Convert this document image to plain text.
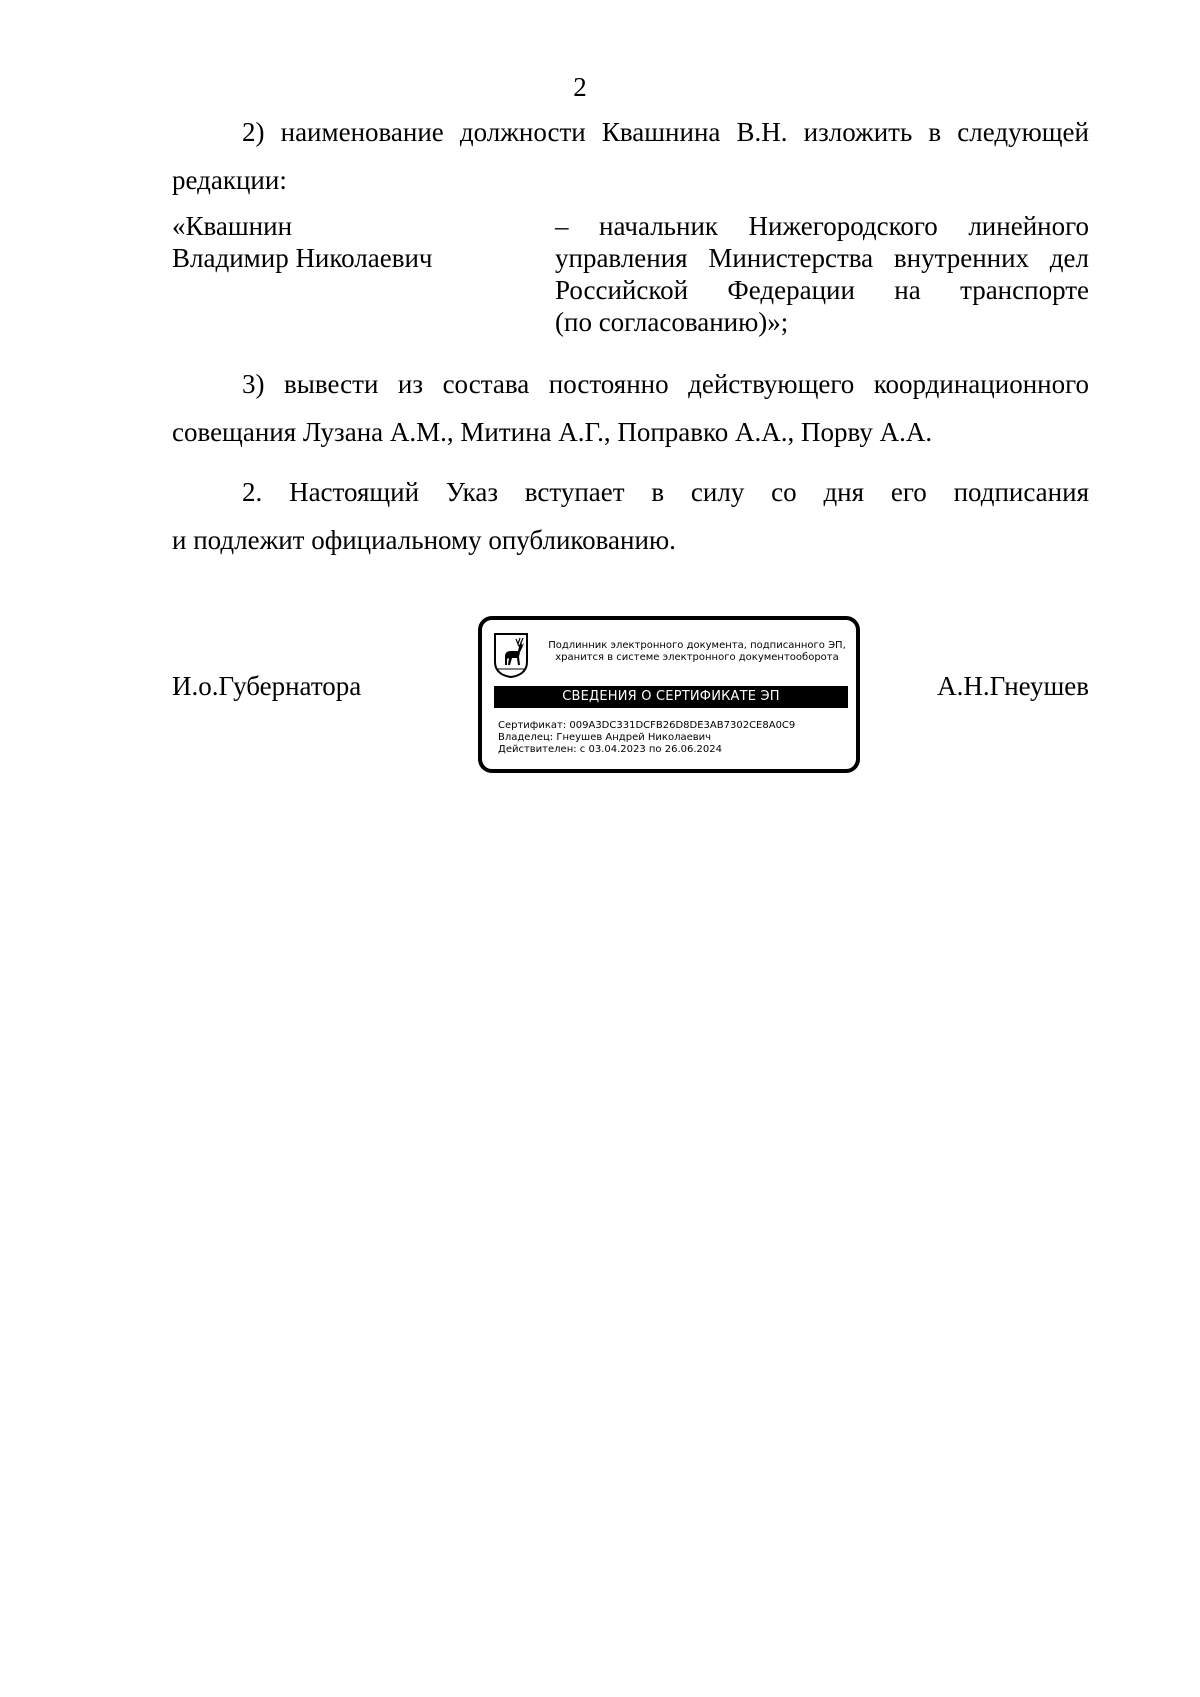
2
2) наименование должности Квашнина В.Н. изложить в следующей
редакции:
«Квашнин	– начальник Нижегородского линейного
Владимир Николаевич	управления Министерства внутренних дел
Российской Федерации на транспорте
(по согласованию)»;
3) вывести из состава постоянно действующего координационного
совещания Лузана А.М., Митина А.Г., Поправко А.А., Порву А.А.
2. Настоящий Указ вступает в силу со дня его подписания
и подлежит официальному опубликованию.
И.о.Губернатора
Подлинник электронного документа, подписанного ЭП,
хранится в системе электронного документооборота
СВЕДЕНИЯ О СЕРТИФИКАТЕ ЭП
Сертификат: 009A3DC331DCFB26D8DE3AB7302CE8A0C9
Владелец: Гнеушев Андрей Николаевич
Действителен: с 03.04.2023 по 26.06.2024
А.Н.Гнеушев
